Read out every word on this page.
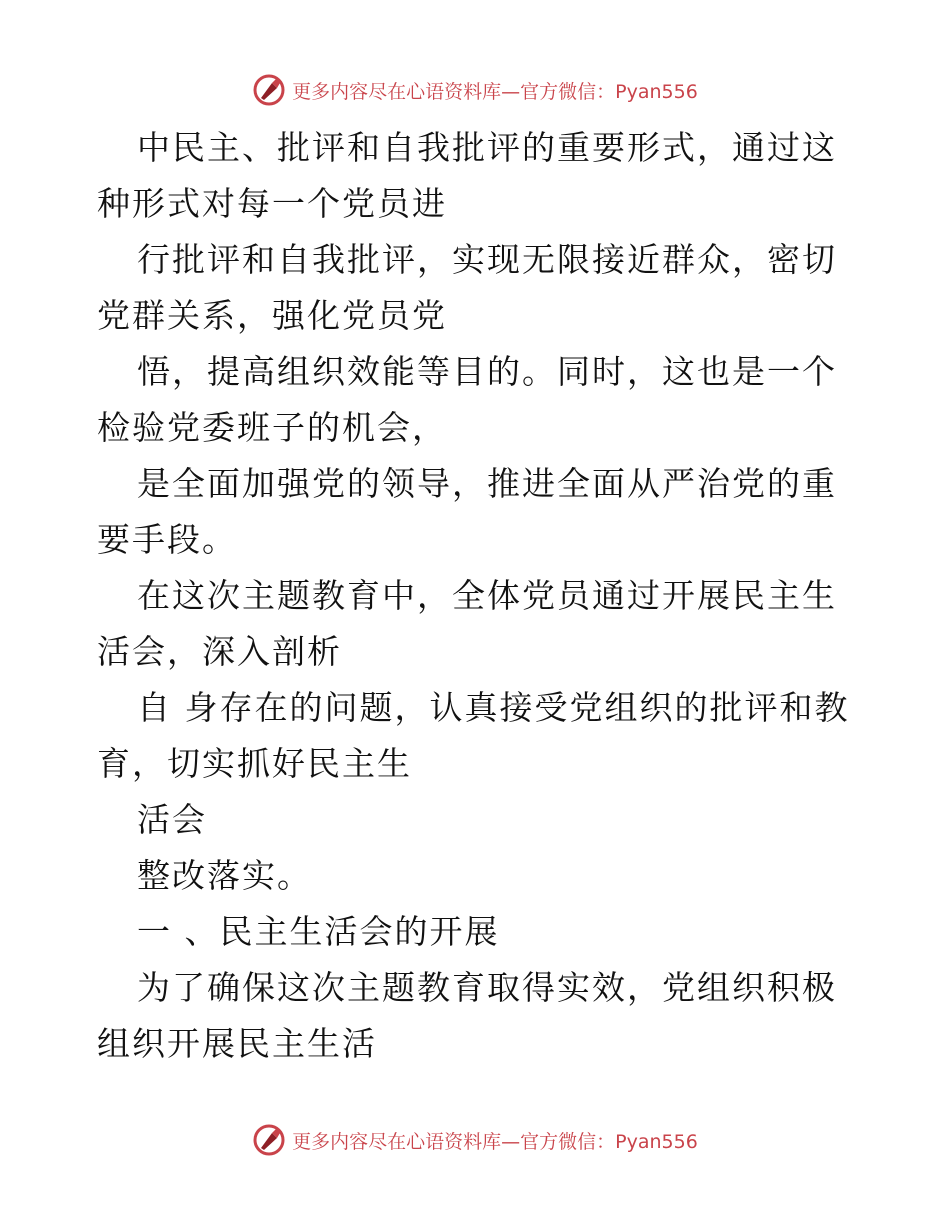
更多内容尽在心语资料库—官方微信：Pyan556

中民主、批评和自我批评的重要形式，通过这种形式对每一个党员进

行批评和自我批评，实现无限接近群众，密切党群关系，强化党员党

悟，提高组织效能等目的。同时，这也是一个检验党委班子的机会，

是全面加强党的领导，推进全面从严治党的重要手段。

在这次主题教育中，全体党员通过开展民主生活会，深入剖析

自 身存在的问题，认真接受党组织的批评和教育，切实抓好民主生

活会

整改落实。

一 、民主生活会的开展

为了确保这次主题教育取得实效，党组织积极组织开展民主生活

更多内容尽在心语资料库—官方微信：Pyan556
